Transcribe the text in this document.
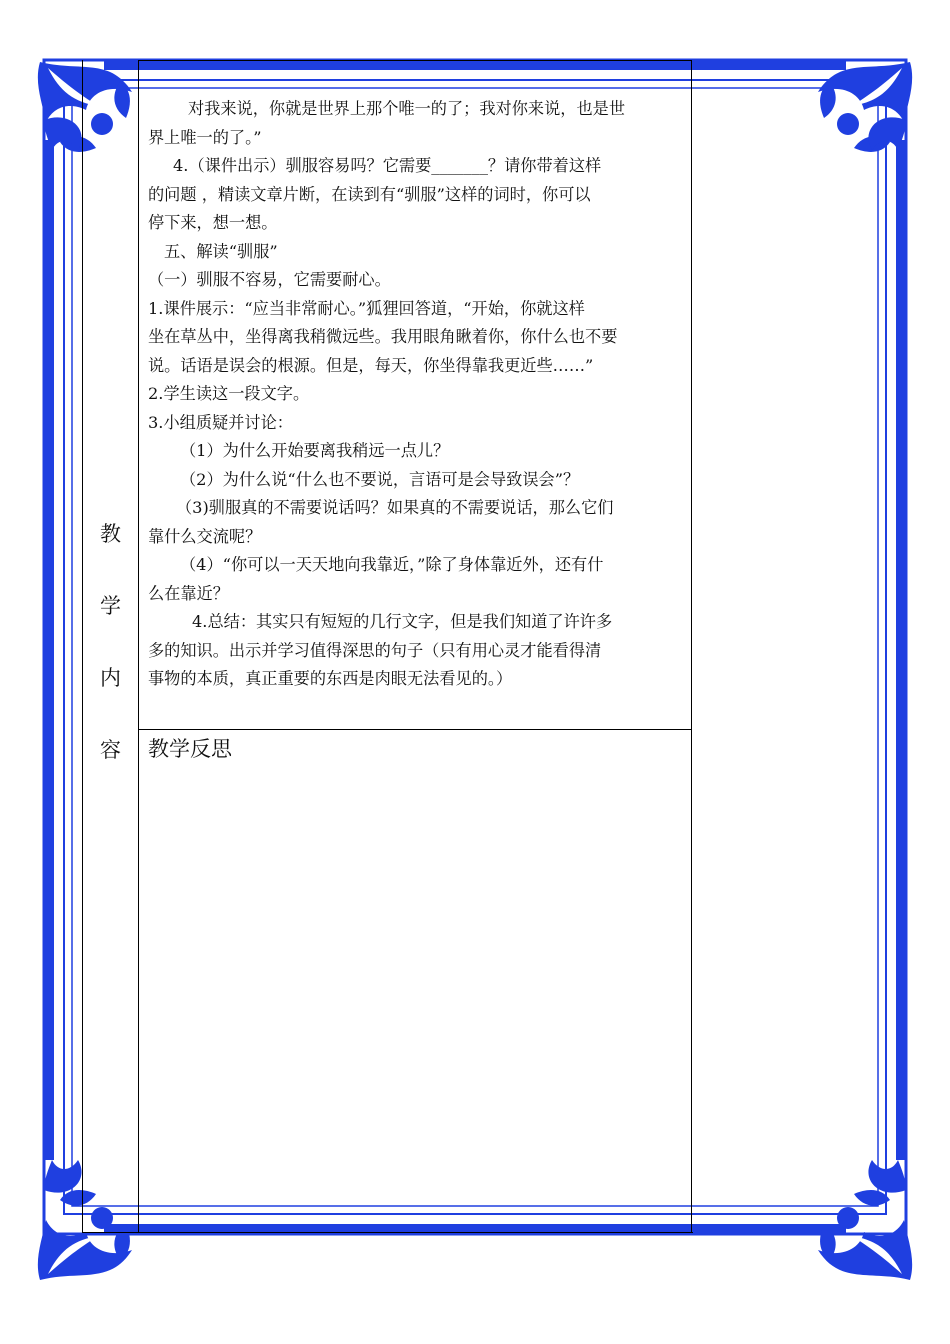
教
学
内
容

对我来说，你就是世界上那个唯一的了；我对你来说，也是世

界上唯一的了。”

4.（课件出示）驯服容易吗？它需要_______？请你带着这样

的问题 ，精读文章片断，在读到有“驯服”这样的词时，你可以

停下来，想一想。

五、解读“驯服”

（一）驯服不容易，它需要耐心。

1.课件展示：“应当非常耐心。”狐狸回答道，“开始，你就这样

坐在草丛中，坐得离我稍微远些。我用眼角瞅着你，你什么也不要

说。话语是误会的根源。但是，每天，你坐得靠我更近些……”

2.学生读这一段文字。

3.小组质疑并讨论：

（1）为什么开始要离我稍远一点儿？

（2）为什么说“什么也不要说，言语可是会导致误会”？

（3)驯服真的不需要说话吗？如果真的不需要说话，那么它们

靠什么交流呢？

（4）“你可以一天天地向我靠近，”除了身体靠近外，还有什

么在靠近？

4.总结：其实只有短短的几行文字，但是我们知道了许许多

多的知识。出示并学习值得深思的句子（只有用心灵才能看得清

事物的本质，真正重要的东西是肉眼无法看见的。）

教学反思
